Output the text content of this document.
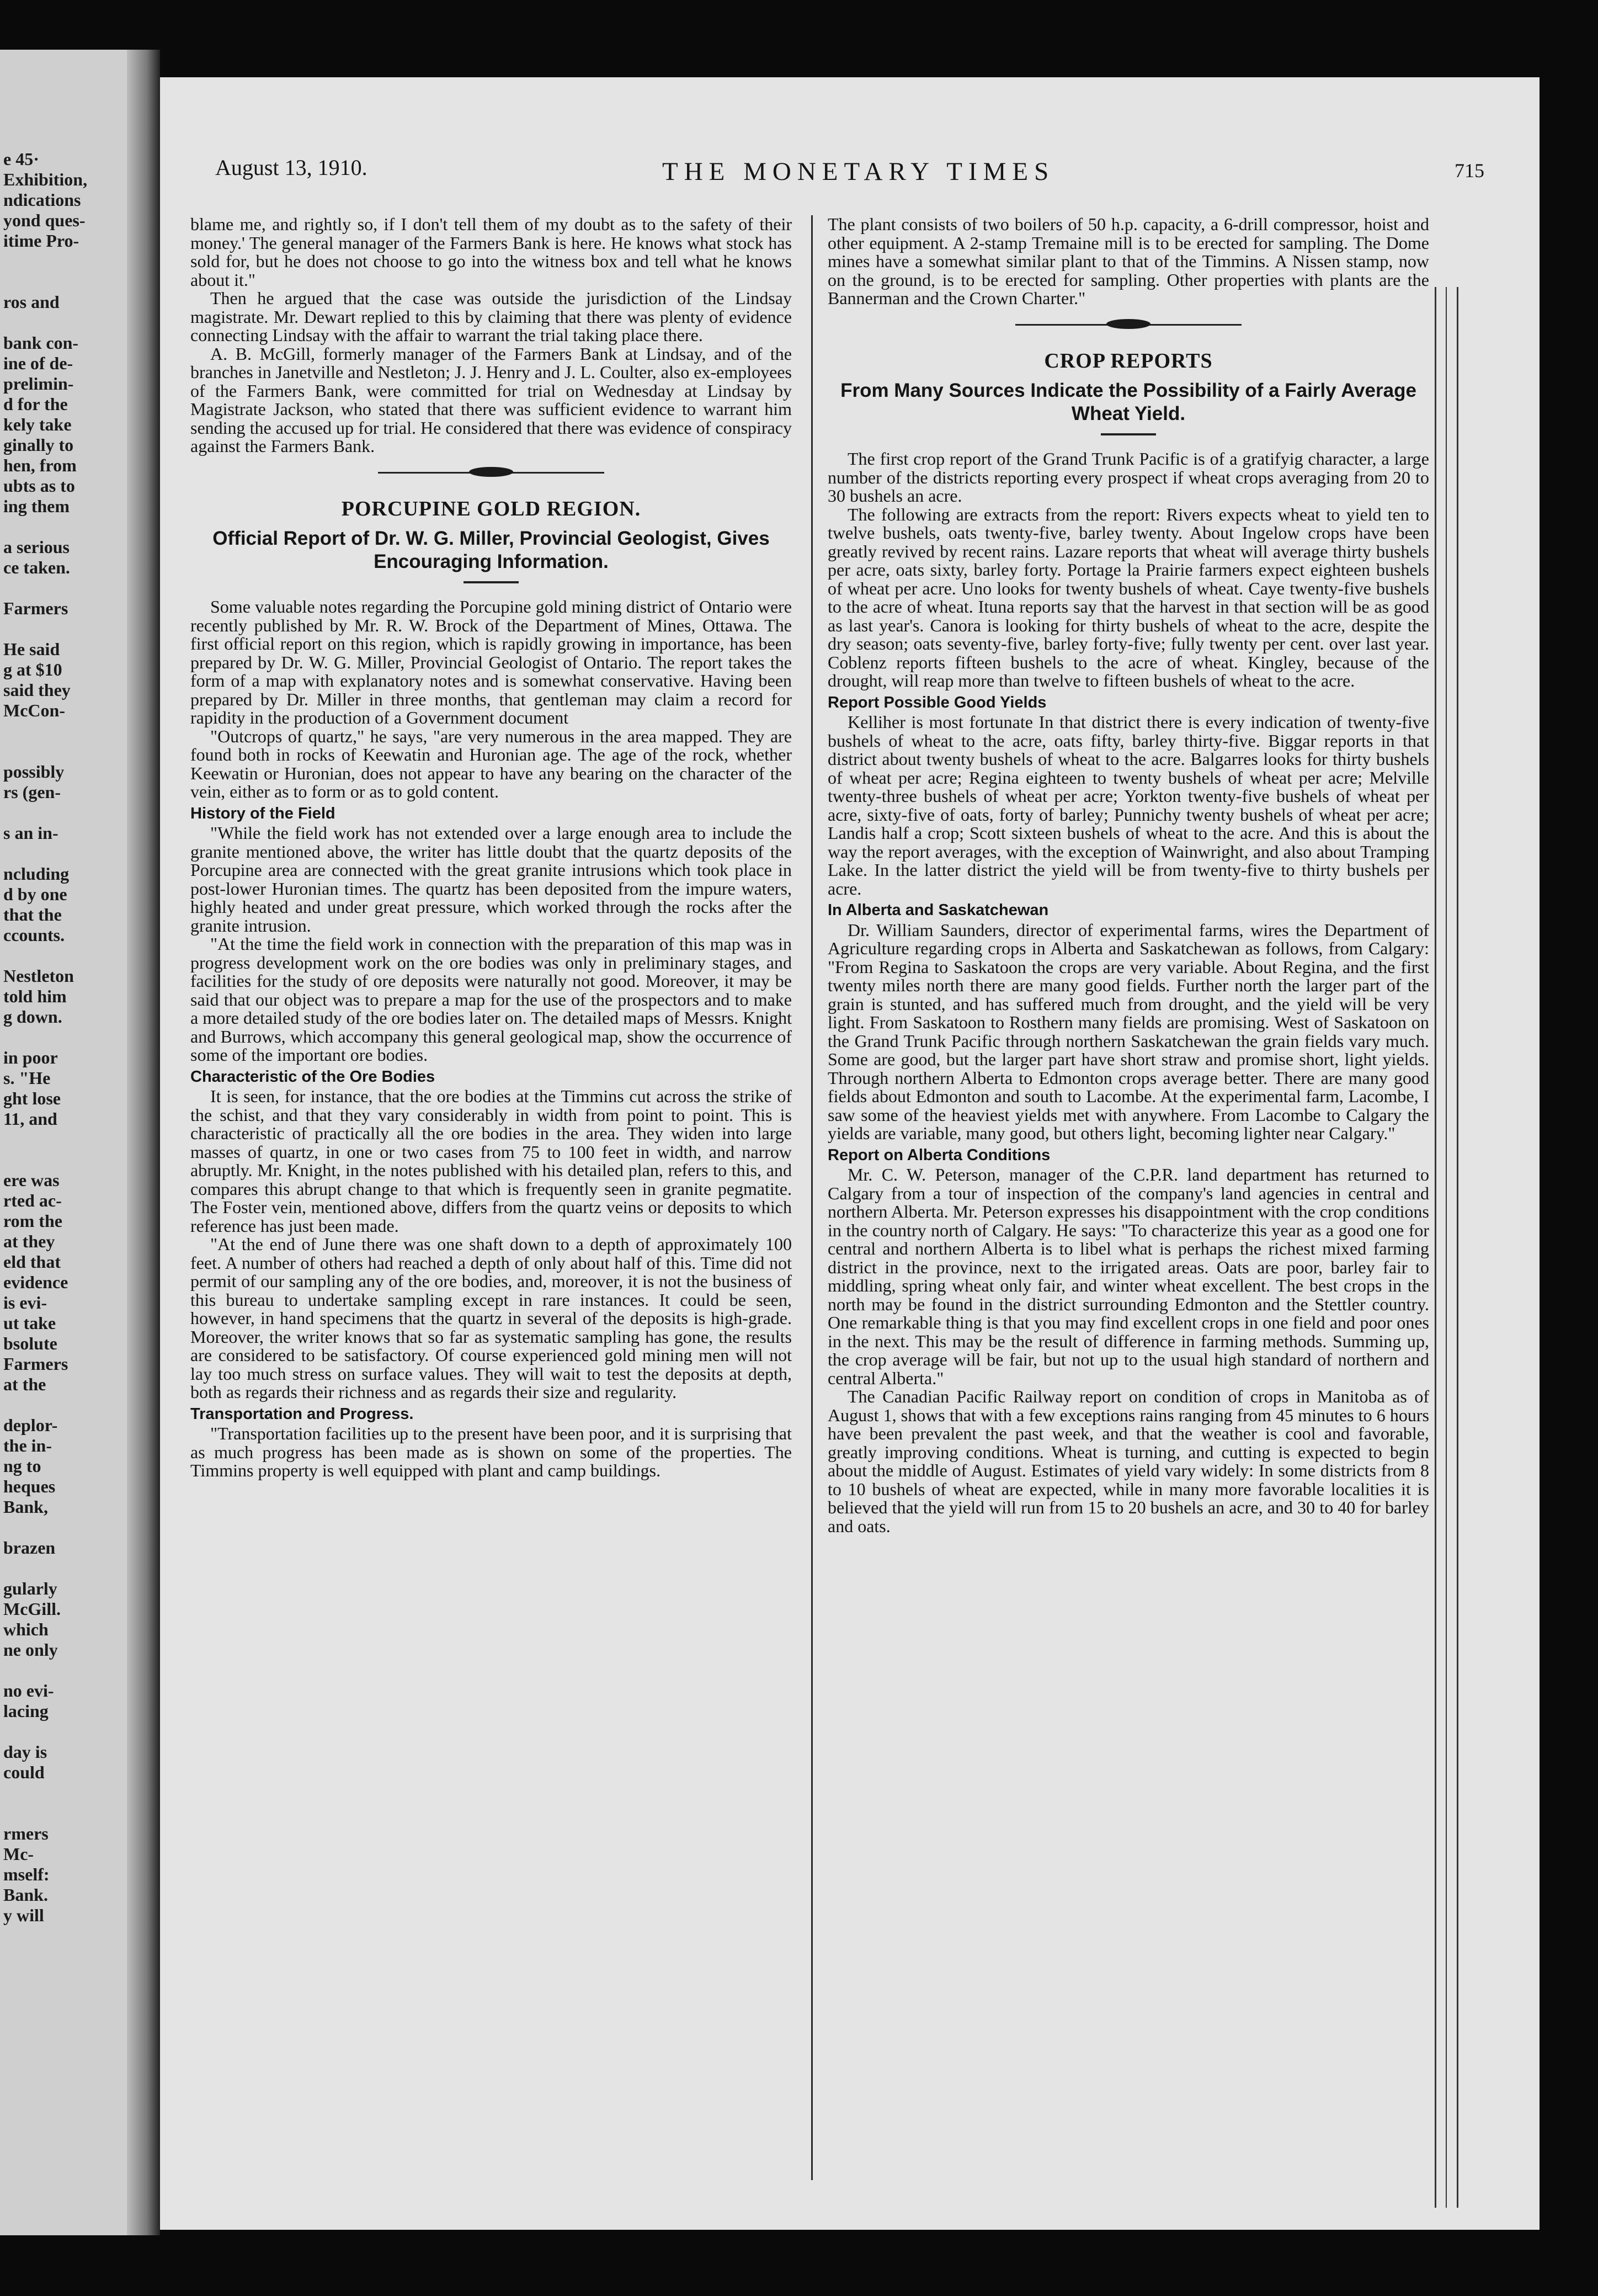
e 45·
Exhibition,
ndications
yond ques-
itime Pro-
ros and
bank con-
ine of de-
prelimin-
d for the
kely take
ginally to
hen, from
ubts as to
ing them
a serious
ce taken.
Farmers
He said
g at $10
said they
McCon-
possibly
rs (gen-
s an in-
ncluding
d by one
that the
ccounts.
Nestleton
told him
g down.
in poor
s. "He
ght lose
11, and
ere was
rted ac-
rom the
at they
eld that
evidence
is evi-
ut take
bsolute
Farmers
at the
deplor-
the in-
ng to
heques
Bank,
brazen
gularly
McGill.
which
ne only
no evi-
lacing
day is
could
rmers
Mc-
mself:
Bank.
y will
August 13, 1910.	THE MONETARY TIMES	715

blame me, and rightly so, if I don't tell them of my doubt as to the safety of their money.' The general manager of the Farmers Bank is here. He knows what stock has sold for, but he does not choose to go into the witness box and tell what he knows about it."

Then he argued that the case was outside the jurisdiction of the Lindsay magistrate. Mr. Dewart replied to this by claiming that there was plenty of evidence connecting Lindsay with the affair to warrant the trial taking place there.

A. B. McGill, formerly manager of the Farmers Bank at Lindsay, and of the branches in Janetville and Nestleton; J. J. Henry and J. L. Coulter, also ex-employees of the Farmers Bank, were committed for trial on Wednesday at Lindsay by Magistrate Jackson, who stated that there was sufficient evidence to warrant him sending the accused up for trial. He considered that there was evidence of conspiracy against the Farmers Bank.

PORCUPINE GOLD REGION.
Official Report of Dr. W. G. Miller, Provincial Geologist, Gives Encouraging Information.

Some valuable notes regarding the Porcupine gold mining district of Ontario were recently published by Mr. R. W. Brock of the Department of Mines, Ottawa. The first official report on this region, which is rapidly growing in importance, has been prepared by Dr. W. G. Miller, Provincial Geologist of Ontario. The report takes the form of a map with explanatory notes and is somewhat conservative. Having been prepared by Dr. Miller in three months, that gentleman may claim a record for rapidity in the production of a Government document

"Outcrops of quartz," he says, "are very numerous in the area mapped. They are found both in rocks of Keewatin and Huronian age. The age of the rock, whether Keewatin or Huronian, does not appear to have any bearing on the character of the vein, either as to form or as to gold content.

History of the Field

"While the field work has not extended over a large enough area to include the granite mentioned above, the writer has little doubt that the quartz deposits of the Porcupine area are connected with the great granite intrusions which took place in post-lower Huronian times. The quartz has been deposited from the impure waters, highly heated and under great pressure, which worked through the rocks after the granite intrusion.

"At the time the field work in connection with the preparation of this map was in progress development work on the ore bodies was only in preliminary stages, and facilities for the study of ore deposits were naturally not good. Moreover, it may be said that our object was to prepare a map for the use of the prospectors and to make a more detailed study of the ore bodies later on. The detailed maps of Messrs. Knight and Burrows, which accompany this general geological map, show the occurrence of some of the important ore bodies.

Characteristic of the Ore Bodies

It is seen, for instance, that the ore bodies at the Timmins cut across the strike of the schist, and that they vary considerably in width from point to point. This is characteristic of practically all the ore bodies in the area. They widen into large masses of quartz, in one or two cases from 75 to 100 feet in width, and narrow abruptly. Mr. Knight, in the notes published with his detailed plan, refers to this, and compares this abrupt change to that which is frequently seen in granite pegmatite. The Foster vein, mentioned above, differs from the quartz veins or deposits to which reference has just been made.

"At the end of June there was one shaft down to a depth of approximately 100 feet. A number of others had reached a depth of only about half of this. Time did not permit of our sampling any of the ore bodies, and, moreover, it is not the business of this bureau to undertake sampling except in rare instances. It could be seen, however, in hand specimens that the quartz in several of the deposits is high-grade. Moreover, the writer knows that so far as systematic sampling has gone, the results are considered to be satisfactory. Of course experienced gold mining men will not lay too much stress on surface values. They will wait to test the deposits at depth, both as regards their richness and as regards their size and regularity.

Transportation and Progress.

"Transportation facilities up to the present have been poor, and it is surprising that as much progress has been made as is shown on some of the properties. The Timmins property is well equipped with plant and camp buildings.

The plant consists of two boilers of 50 h.p. capacity, a 6-drill compressor, hoist and other equipment. A 2-stamp Tremaine mill is to be erected for sampling. The Dome mines have a somewhat similar plant to that of the Timmins. A Nissen stamp, now on the ground, is to be erected for sampling. Other properties with plants are the Bannerman and the Crown Charter."

CROP REPORTS
From Many Sources Indicate the Possibility of a Fairly Average Wheat Yield.

The first crop report of the Grand Trunk Pacific is of a gratifyig character, a large number of the districts reporting every prospect if wheat crops averaging from 20 to 30 bushels an acre.

The following are extracts from the report: Rivers expects wheat to yield ten to twelve bushels, oats twenty-five, barley twenty. About Ingelow crops have been greatly revived by recent rains. Lazare reports that wheat will average thirty bushels per acre, oats sixty, barley forty. Portage la Prairie farmers expect eighteen bushels of wheat per acre. Uno looks for twenty bushels of wheat. Caye twenty-five bushels to the acre of wheat. Ituna reports say that the harvest in that section will be as good as last year's. Canora is looking for thirty bushels of wheat to the acre, despite the dry season; oats seventy-five, barley forty-five; fully twenty per cent. over last year. Coblenz reports fifteen bushels to the acre of wheat. Kingley, because of the drought, will reap more than twelve to fifteen bushels of wheat to the acre.

Report Possible Good Yields

Kelliher is most fortunate In that district there is every indication of twenty-five bushels of wheat to the acre, oats fifty, barley thirty-five. Biggar reports in that district about twenty bushels of wheat to the acre. Balgarres looks for thirty bushels of wheat per acre; Regina eighteen to twenty bushels of wheat per acre; Melville twenty-three bushels of wheat per acre; Yorkton twenty-five bushels of wheat per acre, sixty-five of oats, forty of barley; Punnichy twenty bushels of wheat per acre; Landis half a crop; Scott sixteen bushels of wheat to the acre. And this is about the way the report averages, with the exception of Wainwright, and also about Tramping Lake. In the latter district the yield will be from twenty-five to thirty bushels per acre.

In Alberta and Saskatchewan

Dr. William Saunders, director of experimental farms, wires the Department of Agriculture regarding crops in Alberta and Saskatchewan as follows, from Calgary: "From Regina to Saskatoon the crops are very variable. About Regina, and the first twenty miles north there are many good fields. Further north the larger part of the grain is stunted, and has suffered much from drought, and the yield will be very light. From Saskatoon to Rosthern many fields are promising. West of Saskatoon on the Grand Trunk Pacific through northern Saskatchewan the grain fields vary much. Some are good, but the larger part have short straw and promise short, light yields. Through northern Alberta to Edmonton crops average better. There are many good fields about Edmonton and south to Lacombe. At the experimental farm, Lacombe, I saw some of the heaviest yields met with anywhere. From Lacombe to Calgary the yields are variable, many good, but others light, becoming lighter near Calgary."

Report on Alberta Conditions

Mr. C. W. Peterson, manager of the C.P.R. land department has returned to Calgary from a tour of inspection of the company's land agencies in central and northern Alberta. Mr. Peterson expresses his disappointment with the crop conditions in the country north of Calgary. He says: "To characterize this year as a good one for central and northern Alberta is to libel what is perhaps the richest mixed farming district in the province, next to the irrigated areas. Oats are poor, barley fair to middling, spring wheat only fair, and winter wheat excellent. The best crops in the north may be found in the district surrounding Edmonton and the Stettler country. One remarkable thing is that you may find excellent crops in one field and poor ones in the next. This may be the result of difference in farming methods. Summing up, the crop average will be fair, but not up to the usual high standard of northern and central Alberta."

The Canadian Pacific Railway report on condition of crops in Manitoba as of August 1, shows that with a few exceptions rains ranging from 45 minutes to 6 hours have been prevalent the past week, and that the weather is cool and favorable, greatly improving conditions. Wheat is turning, and cutting is expected to begin about the middle of August. Estimates of yield vary widely: In some districts from 8 to 10 bushels of wheat are expected, while in many more favorable localities it is believed that the yield will run from 15 to 20 bushels an acre, and 30 to 40 for barley and oats.
